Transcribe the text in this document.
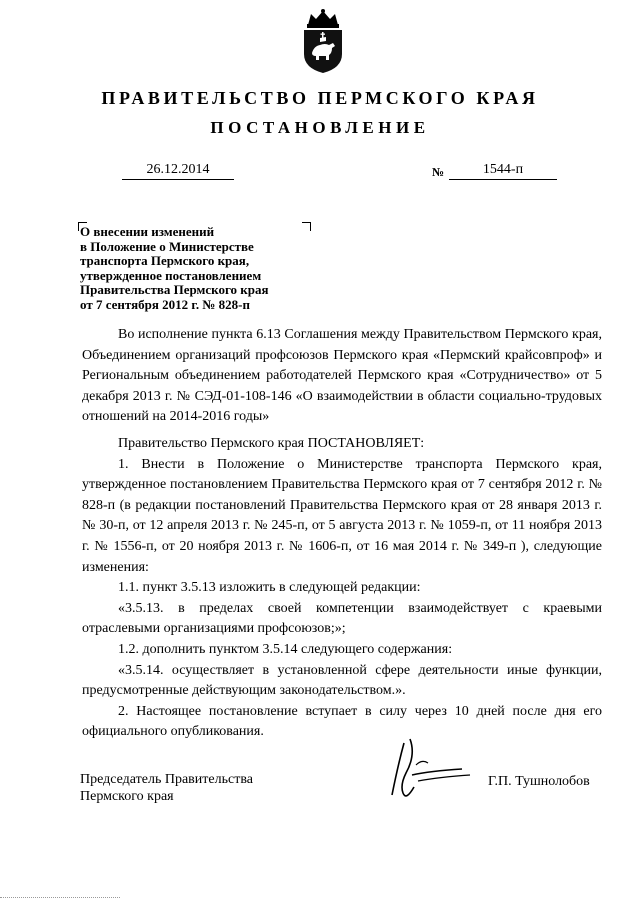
ПРАВИТЕЛЬСТВО ПЕРМСКОГО КРАЯ
ПОСТАНОВЛЕНИЕ
26.12.2014	№	1544-п
О внесении изменений
в Положение о Министерстве
транспорта Пермского края,
утвержденное постановлением
Правительства Пермского края
от 7 сентября 2012 г. № 828-п

Во исполнение пункта 6.13 Соглашения между Правительством Пермского края, Объединением организаций профсоюзов Пермского края «Пермский крайсовпроф» и Региональным объединением работодателей Пермского края «Сотрудничество» от 5 декабря 2013 г. № СЭД-01-108-146 «О взаимодействии в области социально-трудовых отношений на 2014-2016 годы»

Правительство Пермского края ПОСТАНОВЛЯЕТ:

1. Внести в Положение о Министерстве транспорта Пермского края, утвержденное постановлением Правительства Пермского края от 7 сентября 2012 г. № 828-п (в редакции постановлений Правительства Пермского края от 28 января 2013 г. № 30-п, от 12 апреля 2013 г. № 245-п, от 5 августа 2013 г. № 1059-п, от 11 ноября 2013 г. № 1556-п, от 20 ноября 2013 г. № 1606-п, от 16 мая 2014 г. № 349-п ), следующие изменения:

1.1. пункт 3.5.13 изложить в следующей редакции:

«3.5.13. в пределах своей компетенции взаимодействует с краевыми отраслевыми организациями профсоюзов;»;

1.2. дополнить пунктом 3.5.14 следующего содержания:

«3.5.14. осуществляет в установленной сфере деятельности иные функции, предусмотренные действующим законодательством.».

2. Настоящее постановление вступает в силу через 10 дней после дня его официального опубликования.

Председатель Правительства
Пермского края
Г.П. Тушнолобов
